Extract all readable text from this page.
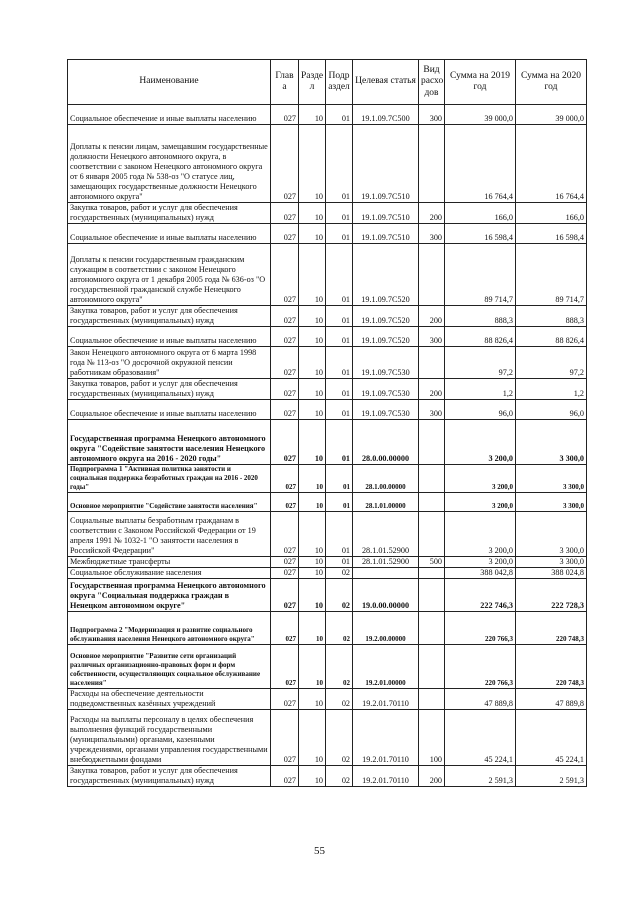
Наименование	Глав а	Разде л	Подр аздел	Целевая статья	Вид расхо дов	Сумма на 2019 год	Сумма на 2020 год
Социальное обеспечение и иные выплаты населению	027	10	01	19.1.09.7С500	300	39 000,0	39 000,0
Доплаты к пенсии лицам, замещавшим государственные должности Ненецкого автономного округа, в соответствии с законом Ненецкого автономного округа от 6 января 2005 года № 538-оз "О статусе лиц, замещающих государственные должности Ненецкого автономного округа"	027	10	01	19.1.09.7С510		16 764,4	16 764,4
Закупка товаров, работ и услуг для обеспечения государственных (муниципальных) нужд	027	10	01	19.1.09.7С510	200	166,0	166,0
Социальное обеспечение и иные выплаты населению	027	10	01	19.1.09.7С510	300	16 598,4	16 598,4
Доплаты к пенсии государственным гражданским служащим в соответствии с законом Ненецкого автономного округа от 1 декабря 2005 года № 636-оз "О государственной гражданской службе Ненецкого автономного округа"	027	10	01	19.1.09.7С520		89 714,7	89 714,7
Закупка товаров, работ и услуг для обеспечения государственных (муниципальных) нужд	027	10	01	19.1.09.7С520	200	888,3	888,3
Социальное обеспечение и иные выплаты населению	027	10	01	19.1.09.7С520	300	88 826,4	88 826,4
Закон Ненецкого автономного округа от 6 марта 1998 года № 113-оз "О досрочной окружной пенсии работникам образования"	027	10	01	19.1.09.7С530		97,2	97,2
Закупка товаров, работ и услуг для обеспечения государственных (муниципальных) нужд	027	10	01	19.1.09.7С530	200	1,2	1,2
Социальное обеспечение и иные выплаты населению	027	10	01	19.1.09.7С530	300	96,0	96,0
Государственная программа Ненецкого автономного округа "Содействие занятости населения Ненецкого автономного округа на 2016 - 2020 годы"	027	10	01	28.0.00.00000		3 200,0	3 300,0
Подпрограмма 1 "Активная политика занятости и социальная поддержка безработных граждан на 2016 - 2020 годы"	027	10	01	28.1.00.00000		3 200,0	3 300,0
Основное мероприятие "Содействие занятости населения"	027	10	01	28.1.01.00000		3 200,0	3 300,0
Социальные выплаты безработным гражданам в соответствии с Законом Российской Федерации от 19 апреля 1991 № 1032-1 "О занятости населения в Российской Федерации"	027	10	01	28.1.01.52900		3 200,0	3 300,0
Межбюджетные трансферты	027	10	01	28.1.01.52900	500	3 200,0	3 300,0
Социальное обслуживание населения	027	10	02			388 042,8	388 024,8
Государственная программа Ненецкого автономного округа "Социальная поддержка граждан в Ненецком автономном округе"	027	10	02	19.0.00.00000		222 746,3	222 728,3
Подпрограмма 2 "Модернизация и развитие социального обслуживания населения Ненецкого автономного округа"	027	10	02	19.2.00.00000		220 766,3	220 748,3
Основное мероприятие "Развитие сети организаций различных организационно-правовых форм и форм собственности, осуществляющих социальное обслуживание населения"	027	10	02	19.2.01.00000		220 766,3	220 748,3
Расходы на обеспечение деятельности подведомственных казённых учреждений	027	10	02	19.2.01.70110		47 889,8	47 889,8
Расходы на выплаты персоналу в целях обеспечения выполнения функций государственными (муниципальными) органами, казенными учреждениями, органами управления государственными внебюджетными фондами	027	10	02	19.2.01.70110	100	45 224,1	45 224,1
Закупка товаров, работ и услуг для обеспечения государственных (муниципальных) нужд	027	10	02	19.2.01.70110	200	2 591,3	2 591,3
55
